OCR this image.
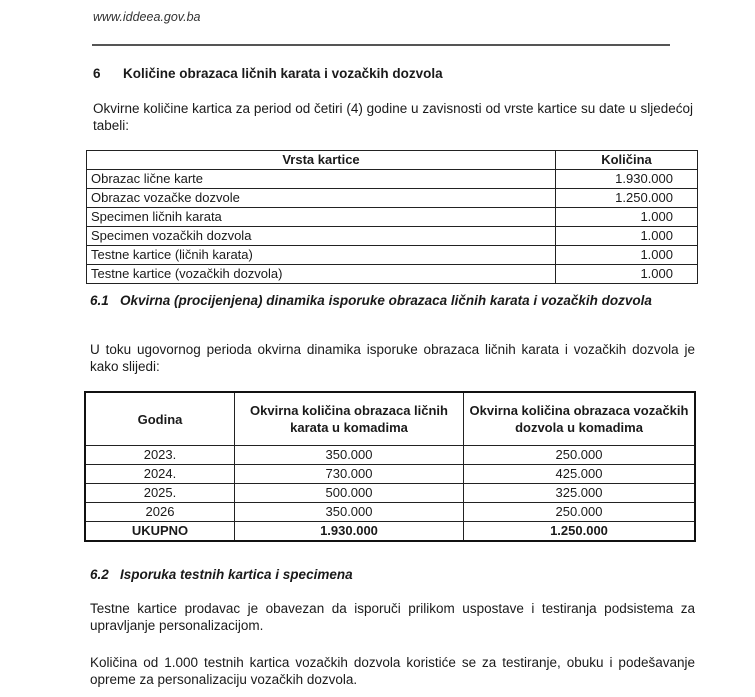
www.iddeea.gov.ba
6 Količine obrazaca ličnih karata i vozačkih dozvola
Okvirne količine kartica za period od četiri (4) godine u zavisnosti od vrste kartice su date u sljedećoj tabeli:
Vrsta kartice	Količina
Obrazac lične karte	1.930.000
Obrazac vozačke dozvole	1.250.000
Specimen ličnih karata	1.000
Specimen vozačkih dozvola	1.000
Testne kartice (ličnih karata)	1.000
Testne kartice (vozačkih dozvola)	1.000
6.1 Okvirna (procijenjena) dinamika isporuke obrazaca ličnih karata i vozačkih dozvola
U toku ugovornog perioda okvirna dinamika isporuke obrazaca ličnih karata i vozačkih dozvola je kako slijedi:
Godina	Okvirna količina obrazaca ličnih karata u komadima	Okvirna količina obrazaca vozačkih dozvola u komadima
2023.	350.000	250.000
2024.	730.000	425.000
2025.	500.000	325.000
2026	350.000	250.000
UKUPNO	1.930.000	1.250.000
6.2 Isporuka testnih kartica i specimena
Testne kartice prodavac je obavezan da isporuči prilikom uspostave i testiranja podsistema za upravljanje personalizacijom.
Količina od 1.000 testnih kartica vozačkih dozvola koristiće se za testiranje, obuku i podešavanje opreme za personalizaciju vozačkih dozvola.
